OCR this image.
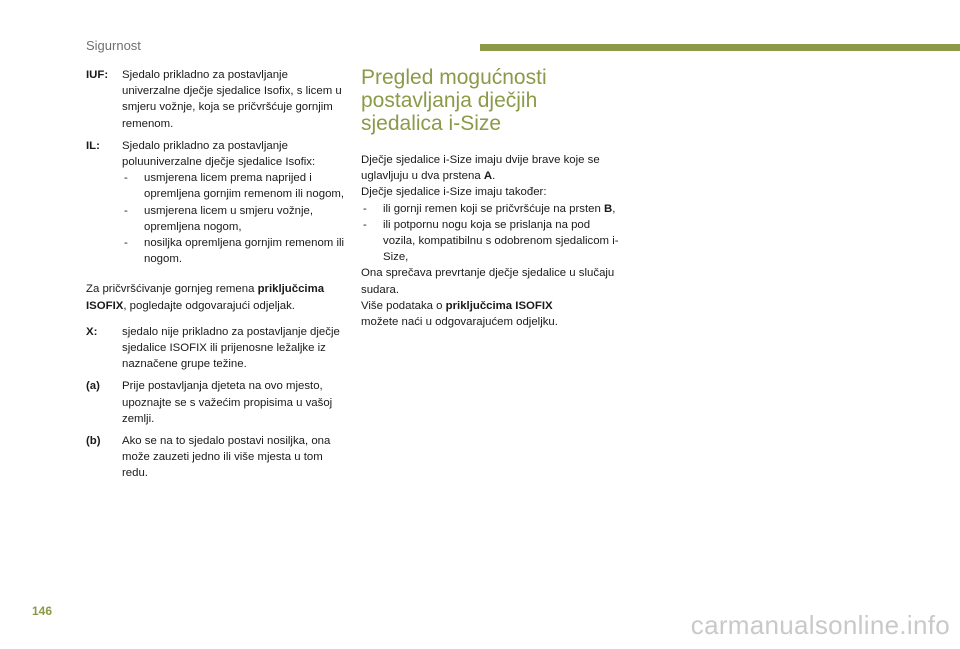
Sigurnost
IUF:	Sjedalo prikladno za postavljanje univerzalne dječje sjedalice Isofix, s licem u smjeru vožnje, koja se pričvršćuje gornjim remenom.
IL:	Sjedalo prikladno za postavljanje poluuniverzalne dječje sjedalice Isofix:
- usmjerena licem prema naprijed i opremljena gornjim remenom ili nogom,
- usmjerena licem u smjeru vožnje, opremljena nogom,
- nosiljka opremljena gornjim remenom ili nogom.
Za pričvršćivanje gornjeg remena priključcima ISOFIX, pogledajte odgovarajući odjeljak.
X:	sjedalo nije prikladno za postavljanje dječje sjedalice ISOFIX ili prijenosne ležaljke iz naznačene grupe težine.
(a)	Prije postavljanja djeteta na ovo mjesto, upoznajte se s važećim propisima u vašoj zemlji.
(b)	Ako se na to sjedalo postavi nosiljka, ona može zauzeti jedno ili više mjesta u tom redu.
Pregled mogućnosti
postavljanja dječjih
sjedalica i-Size
Dječje sjedalice i-Size imaju dvije brave koje se uglavljuju u dva prstena A.
Dječje sjedalice i-Size imaju također:
- ili gornji remen koji se pričvršćuje na prsten B,
- ili potpornu nogu koja se prislanja na pod vozila, kompatibilnu s odobrenom sjedalicom i-Size,
Ona sprečava prevrtanje dječje sjedalice u slučaju sudara.
Više podataka o priključcima ISOFIX
možete naći u odgovarajućem odjeljku.
146	carmanualsonline.info
